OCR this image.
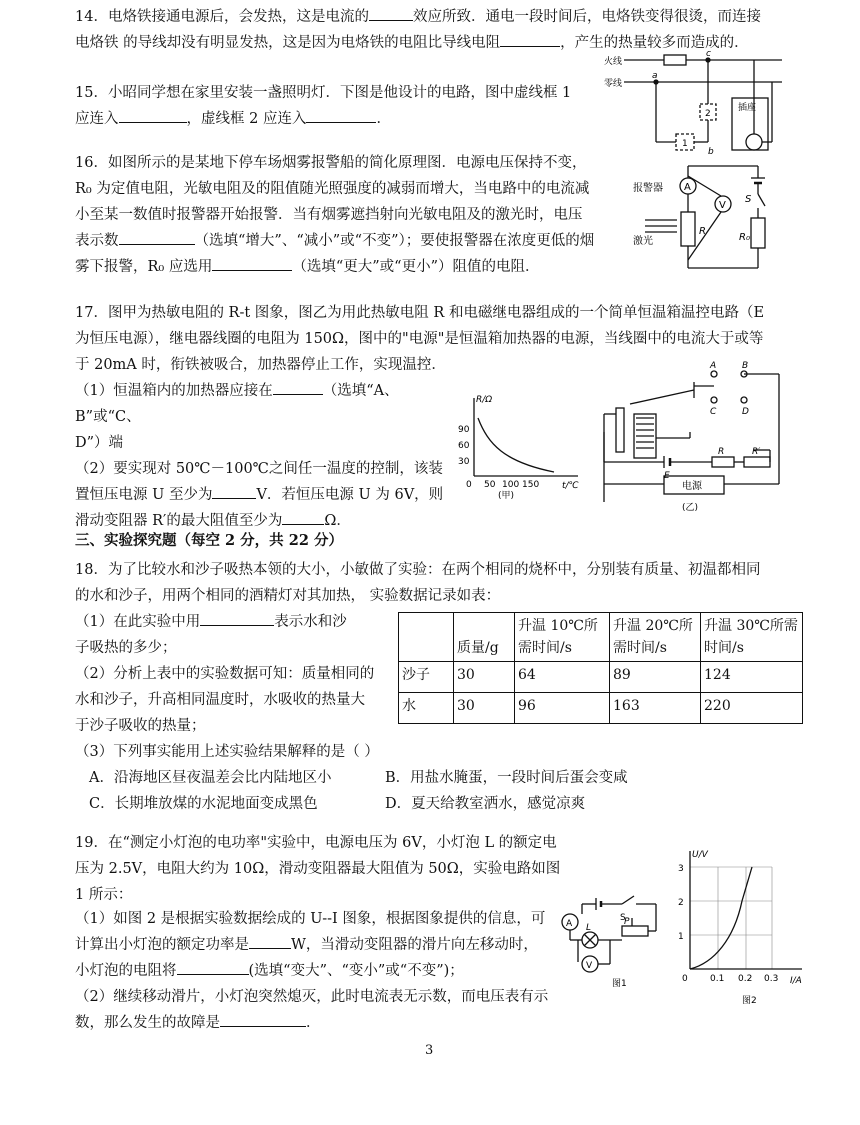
14．电烙铁接通电源后，会发热，这是电流的	效应所致．通电一段时间后，电烙铁变得很烫，而连接
电烙铁 的导线却没有明显发热，这是因为电烙铁的电阻比导线电阻	，产生的热量较多而造成的．
15．小昭同学想在家里安装一盏照明灯．下图是他设计的电路，图中虚线框 1
应连入	，虚线框 2 应连入	．
火线
零线
a
c
b
1
2
插座
16．如图所示的是某地下停车场烟雾报警船的简化原理图．电源电压保持不变，
R₀ 为定值电阻，光敏电阻及的阻值随光照强度的减弱而增大，当电路中的电流减
小至某一数值时报警器开始报警．当有烟雾遮挡射向光敏电阻及的激光时，电压
表示数	（选填“增大”、“减小”或“不变”）；要使报警器在浓度更低的烟
雾下报警，R₀ 应选用	（选填“更大”或“更小”）阻值的电阻．
报警器 A
V
激光
R
R₀
S
17．图甲为热敏电阻的 R-t 图象，图乙为用此热敏电阻 R 和电磁继电器组成的一个简单恒温箱温控电路（E
为恒压电源），继电器线圈的电阻为 150Ω，图中的"电源"是恒温箱加热器的电源，当线圈中的电流大于或等
于 20mA 时，衔铁被吸合，加热器停止工作，实现温控．
（1）恒温箱内的加热器应接在	（选填“A、B”或“C、
D”）端
（2）要实现对 50℃－100℃之间任一温度的控制，该装
置恒压电源 U 至少为	V．若恒压电源 U 为 6V，则
滑动变阻器 R′的最大阻值至少为	Ω．
R/Ω
t/℃
90
60
30
0 50 100 150
(甲)
A	B
C	D
E
R	R′
电源
(乙)
三、实验探究题（每空 2 分，共 22 分）
18．为了比较水和沙子吸热本领的大小，小敏做了实验：在两个相同的烧杯中，分别装有质量、初温都相同
的水和沙子，用两个相同的酒精灯对其加热， 实验数据记录如表：
（1）在此实验中用	表示水和沙
子吸热的多少；
（2）分析上表中的实验数据可知：质量相同的
水和沙子，升高相同温度时，水吸收的热量大
于沙子吸收的热量；
	质量/g	升温 10℃所需时间/s	升温 20℃所需时间/s	升温 30℃所需时间/s
沙子	30	64	89	124
水	30	96	163	220
（3）下列事实能用上述实验结果解释的是（ ）
A．沿海地区昼夜温差会比内陆地区小	B．用盐水腌蛋，一段时间后蛋会变咸
C．长期堆放煤的水泥地面变成黑色	D．夏天给教室洒水，感觉凉爽
19．在“测定小灯泡的电功率"实验中，电源电压为 6V，小灯泡 L 的额定电
压为 2.5V，电阻大约为 10Ω，滑动变阻器最大阻值为 50Ω，实验电路如图
1 所示：
（1）如图 2 是根据实验数据绘成的 U--I 图象，根据图象提供的信息，可
计算出小灯泡的额定功率是	W，当滑动变阻器的滑片向左移动时，
小灯泡的电阻将	(选填“变大”、“变小”或“不变”)；
（2）继续移动滑片，小灯泡突然熄灭，此时电流表无示数，而电压表有示
数，那么发生的故障是	．
A L
V
S
P
图1
U/V
I/A
3
2
1
0 0.1 0.2 0.3
图2
3
